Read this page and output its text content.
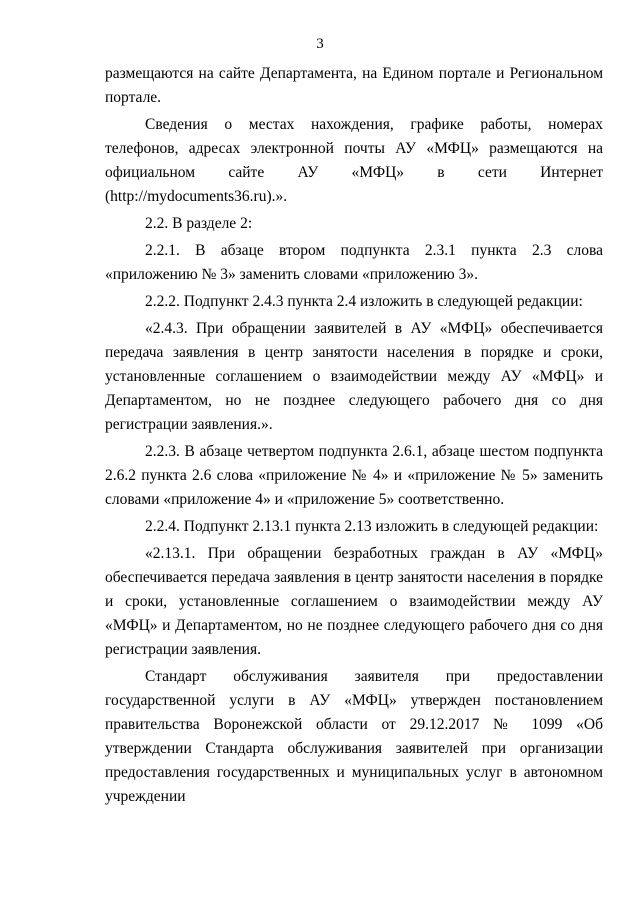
3

размещаются на сайте Департамента, на Едином портале и Региональном портале.

Сведения о местах нахождения, графике работы, номерах телефонов, адресах электронной почты АУ «МФЦ» размещаются на официальном сайте АУ «МФЦ» в сети Интернет (http://mydocuments36.ru).».

2.2. В разделе 2:

2.2.1. В абзаце втором подпункта 2.3.1 пункта 2.3 слова «приложению № 3» заменить словами «приложению 3».

2.2.2. Подпункт 2.4.3 пункта 2.4 изложить в следующей редакции:

«2.4.3. При обращении заявителей в АУ «МФЦ» обеспечивается передача заявления в центр занятости населения в порядке и сроки, установленные соглашением о взаимодействии между АУ «МФЦ» и Департаментом, но не позднее следующего рабочего дня со дня регистрации заявления.».

2.2.3. В абзаце четвертом подпункта 2.6.1, абзаце шестом подпункта 2.6.2 пункта 2.6 слова «приложение № 4» и «приложение № 5» заменить словами «приложение 4» и «приложение 5» соответственно.

2.2.4. Подпункт 2.13.1 пункта 2.13 изложить в следующей редакции:

«2.13.1. При обращении безработных граждан в АУ «МФЦ» обеспечивается передача заявления в центр занятости населения в порядке и сроки, установленные соглашением о взаимодействии между АУ «МФЦ» и Департаментом, но не позднее следующего рабочего дня со дня регистрации заявления.

Стандарт обслуживания заявителя при предоставлении государственной услуги в АУ «МФЦ» утвержден постановлением правительства Воронежской области от 29.12.2017 № 1099 «Об утверждении Стандарта обслуживания заявителей при организации предоставления государственных и муниципальных услуг в автономном учреждении
